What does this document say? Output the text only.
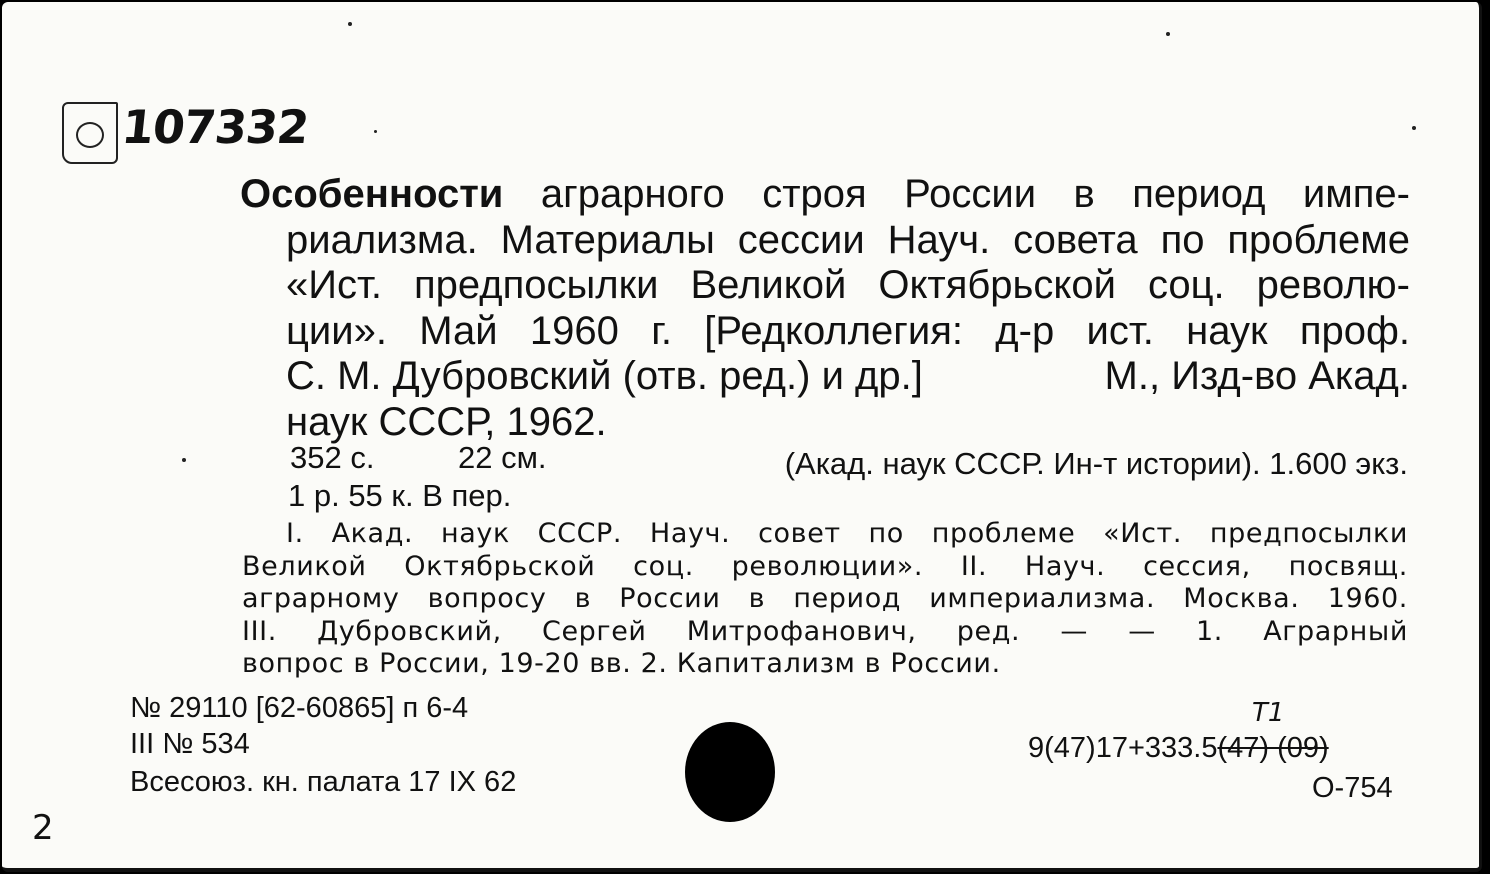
107332
Особенности аграрного строя России в период импе-
риализма. Материалы сессии Науч. совета по проблеме
«Ист. предпосылки Великой Октябрьской соц. револю-
ции». Май 1960 г. [Редколлегия: д-р ист. наук проф.
С. М. Дубровский (отв. ред.) и др.]	М., Изд-во Акад.
наук СССР, 1962.
352 с.	22 см.	(Акад. наук СССР. Ин-т истории). 1.600 экз.
1 р. 55 к. В пер.
I. Акад. наук СССР. Науч. совет по проблеме «Ист. предпосылки
Великой Октябрьской соц. революции». II. Науч. сессия, посвящ.
аграрному вопросу в России в период империализма. Москва. 1960.
III. Дубровский, Сергей Митрофанович, ред. — — 1. Аграрный
вопрос в России, 19-20 вв. 2. Капитализм в России.
№ 29110 [62-60865] п 6-4
III № 534
Всесоюз. кн. палата 17 IX 62
Т1
9(47)17+333.5(47) (09)
О-754
2
